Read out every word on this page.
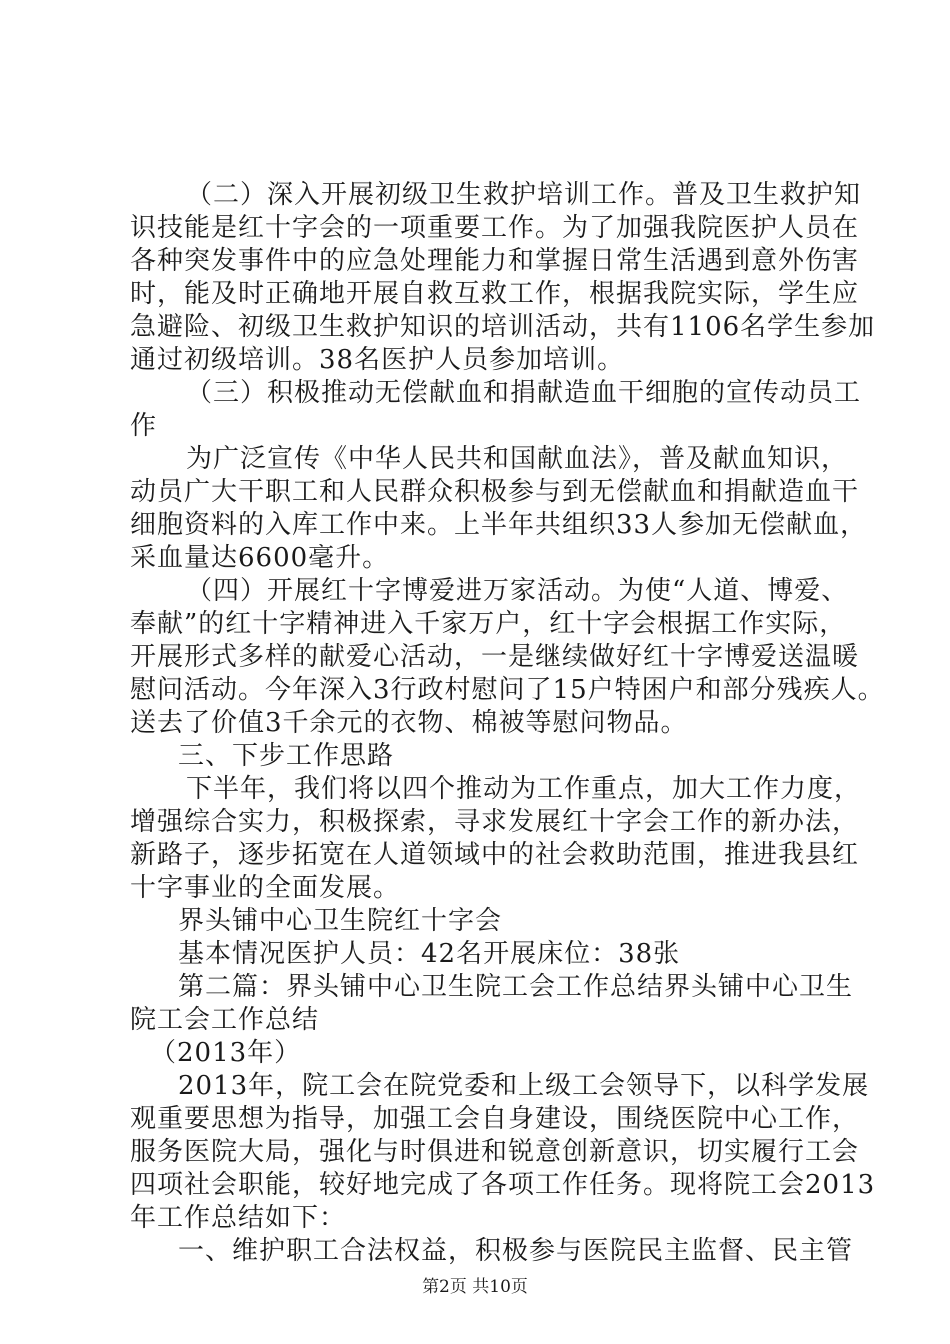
（二）深入开展初级卫生救护培训工作。普及卫生救护知
识技能是红十字会的一项重要工作。为了加强我院医护人员在
各种突发事件中的应急处理能力和掌握日常生活遇到意外伤害
时，能及时正确地开展自救互救工作，根据我院实际，学生应
急避险、初级卫生救护知识的培训活动，共有1106名学生参加
通过初级培训。38名医护人员参加培训。
（三）积极推动无偿献血和捐献造血干细胞的宣传动员工
作
为广泛宣传《中华人民共和国献血法》，普及献血知识，
动员广大干职工和人民群众积极参与到无偿献血和捐献造血干
细胞资料的入库工作中来。上半年共组织33人参加无偿献血，
采血量达6600毫升。
（四）开展红十字博爱进万家活动。为使“人道、博爱、
奉献”的红十字精神进入千家万户，红十字会根据工作实际，
开展形式多样的献爱心活动，一是继续做好红十字博爱送温暖
慰问活动。今年深入3行政村慰问了15户特困户和部分残疾人。
送去了价值3千余元的衣物、棉被等慰问物品。
三、下步工作思路
下半年，我们将以四个推动为工作重点，加大工作力度，
增强综合实力，积极探索，寻求发展红十字会工作的新办法，
新路子，逐步拓宽在人道领域中的社会救助范围，推进我县红
十字事业的全面发展。
界头铺中心卫生院红十字会
基本情况医护人员：42名开展床位：38张
第二篇：界头铺中心卫生院工会工作总结界头铺中心卫生
院工会工作总结
（2013年）
2013年，院工会在院党委和上级工会领导下，以科学发展
观重要思想为指导，加强工会自身建设，围绕医院中心工作，
服务医院大局，强化与时俱进和锐意创新意识，切实履行工会
四项社会职能，较好地完成了各项工作任务。现将院工会2013
年工作总结如下：
一、维护职工合法权益，积极参与医院民主监督、民主管
第2页 共10页
